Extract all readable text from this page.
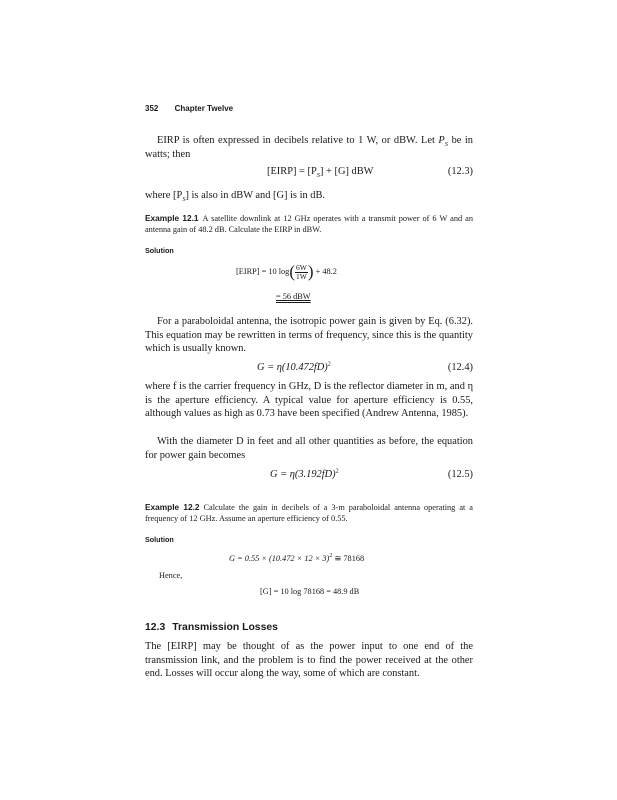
352 Chapter Twelve
EIRP is often expressed in decibels relative to 1 W, or dBW. Let $P_S$ be in watts; then
[EIRP] = $[P_S] + [G]$ dBW	(12.3)
where $[P_S]$ is also in dBW and [G] is in dB.
Example 12.1 A satellite downlink at 12 GHz operates with a transmit power of 6 W and an antenna gain of 48.2 dB. Calculate the EIRP in dBW.
Solution
[EIRP] = 10 $\log( \frac{6W}{1W}$ ) + 48.2
= 56 dBW
For a paraboloidal antenna, the isotropic power gain is given by Eq. (6.32). This equation may be rewritten in terms of frequency, since this is the quantity which is usually known.
$G = \eta(10.472fD)^2$	(12.4)
where f is the carrier frequency in GHz, D is the reflector diameter in m, and η is the aperture efficiency. A typical value for aperture efficiency is 0.55, although values as high as 0.73 have been specified (Andrew Antenna, 1985).
With the diameter D in feet and all other quantities as before, the equation for power gain becomes
$G = \eta(3.192fD)^2$	(12.5)
Example 12.2 Calculate the gain in decibels of a 3-m paraboloidal antenna operating at a frequency of 12 GHz. Assume an aperture efficiency of 0.55.
Solution
$G = 0.55 \times (10.472 \times 12 \times 3)^2$ ≅ 78168
Hence,
[G] = 10 log 78168 = 48.9 dB
12.3 Transmission Losses
The [EIRP] may be thought of as the power input to one end of the transmission link, and the problem is to find the power received at the other end. Losses will occur along the way, some of which are constant.
